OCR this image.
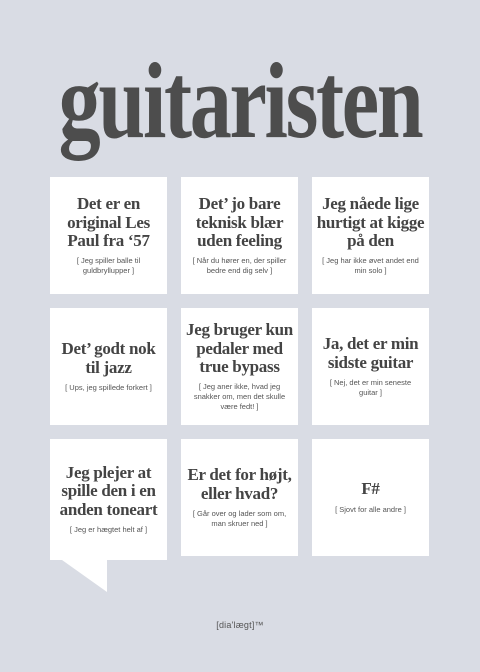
guitaristen
Det er en original Les Paul fra ‘57
[ Jeg spiller balle til guldbryllupper ]
Det’ jo bare teknisk blær uden feeling
[ Når du hører en, der spiller bedre end dig selv ]
Jeg nåede lige hurtigt at kigge på den
[ Jeg har ikke øvet andet end min solo ]
Det’ godt nok til jazz
[ Ups, jeg spillede forkert ]
Jeg bruger kun pedaler med true bypass
[ Jeg aner ikke, hvad jeg snakker om, men det skulle være fedt! ]
Ja, det er min sidste guitar
[ Nej, det er min seneste guitar ]
Jeg plejer at spille den i en anden toneart
[ Jeg er hægtet helt af ]
Er det for højt, eller hvad?
[ Går over og lader som om, man skruer ned ]
F#
[ Sjovt for alle andre ]
[dia'lægt]™
